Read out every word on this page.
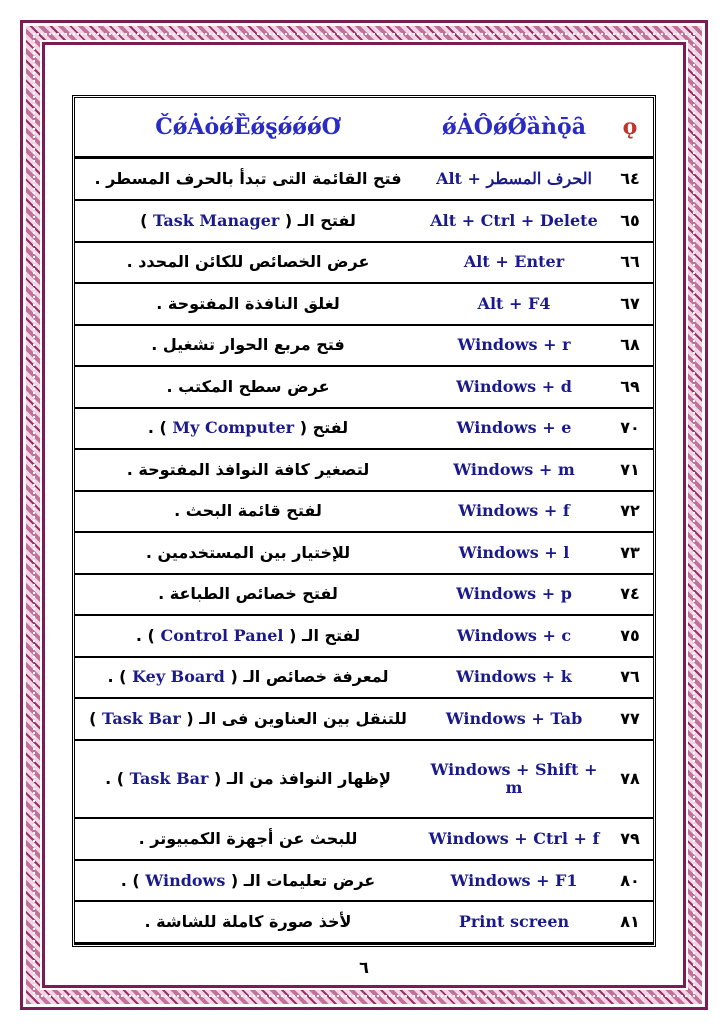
ČǿȦȯǿȄǿȿǿǿǿƠ	ǿȦÔǿǾȁǹǭȃ	ǫ
فتح القائمة التى تبدأ بالحرف المسطر .	Alt + الحرف المسطر	٦٤
لفتح الـ ( Task Manager )	Alt + Ctrl + Delete	٦٥
عرض الخصائص للكائن المحدد .	Alt + Enter	٦٦
لغلق النافذة المفتوحة .	Alt + F4	٦٧
فتح مربع الحوار تشغيل .	Windows + r	٦٨
عرض سطح المكتب .	Windows + d	٦٩
لفتح ( My Computer ) .	Windows + e	٧٠
لتصغير كافة النوافذ المفتوحة .	Windows + m	٧١
لفتح قائمة البحث .	Windows + f	٧٢
للإختيار بين المستخدمين .	Windows + l	٧٣
لفتح خصائص الطباعة .	Windows + p	٧٤
لفتح الـ ( Control Panel ) .	Windows + c	٧٥
لمعرفة خصائص الـ ( Key Board ) .	Windows + k	٧٦
للتنقل بين العناوين فى الـ ( Task Bar )	Windows + Tab	٧٧
لإظهار النوافذ من الـ ( Task Bar ) .	Windows + Shift + m	٧٨
للبحث عن أجهزة الكمبيوتر .	Windows + Ctrl + f	٧٩
عرض تعليمات الـ ( Windows ) .	Windows + F1	٨٠
لأخذ صورة كاملة للشاشة .	Print screen	٨١
٦
